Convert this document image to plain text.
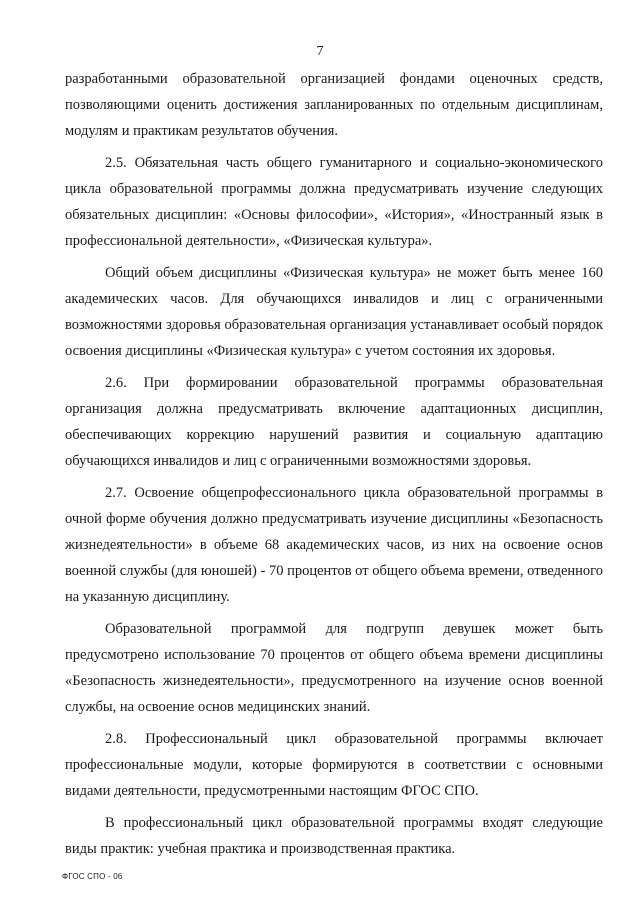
7

разработанными образовательной организацией фондами оценочных средств, позволяющими оценить достижения запланированных по отдельным дисциплинам, модулям и практикам результатов обучения.

2.5. Обязательная часть общего гуманитарного и социально-экономического цикла образовательной программы должна предусматривать изучение следующих обязательных дисциплин: «Основы философии», «История», «Иностранный язык в профессиональной деятельности», «Физическая культура».

Общий объем дисциплины «Физическая культура» не может быть менее 160 академических часов. Для обучающихся инвалидов и лиц с ограниченными возможностями здоровья образовательная организация устанавливает особый порядок освоения дисциплины «Физическая культура» с учетом состояния их здоровья.

2.6. При формировании образовательной программы образовательная организация должна предусматривать включение адаптационных дисциплин, обеспечивающих коррекцию нарушений развития и социальную адаптацию обучающихся инвалидов и лиц с ограниченными возможностями здоровья.

2.7. Освоение общепрофессионального цикла образовательной программы в очной форме обучения должно предусматривать изучение дисциплины «Безопасность жизнедеятельности» в объеме 68 академических часов, из них на освоение основ военной службы (для юношей) - 70 процентов от общего объема времени, отведенного на указанную дисциплину.

Образовательной программой для подгрупп девушек может быть предусмотрено использование 70 процентов от общего объема времени дисциплины «Безопасность жизнедеятельности», предусмотренного на изучение основ военной службы, на освоение основ медицинских знаний.

2.8. Профессиональный цикл образовательной программы включает профессиональные модули, которые формируются в соответствии с основными видами деятельности, предусмотренными настоящим ФГОС СПО.

В профессиональный цикл образовательной программы входят следующие виды практик: учебная практика и производственная практика.

ФГОС СПО - 06
